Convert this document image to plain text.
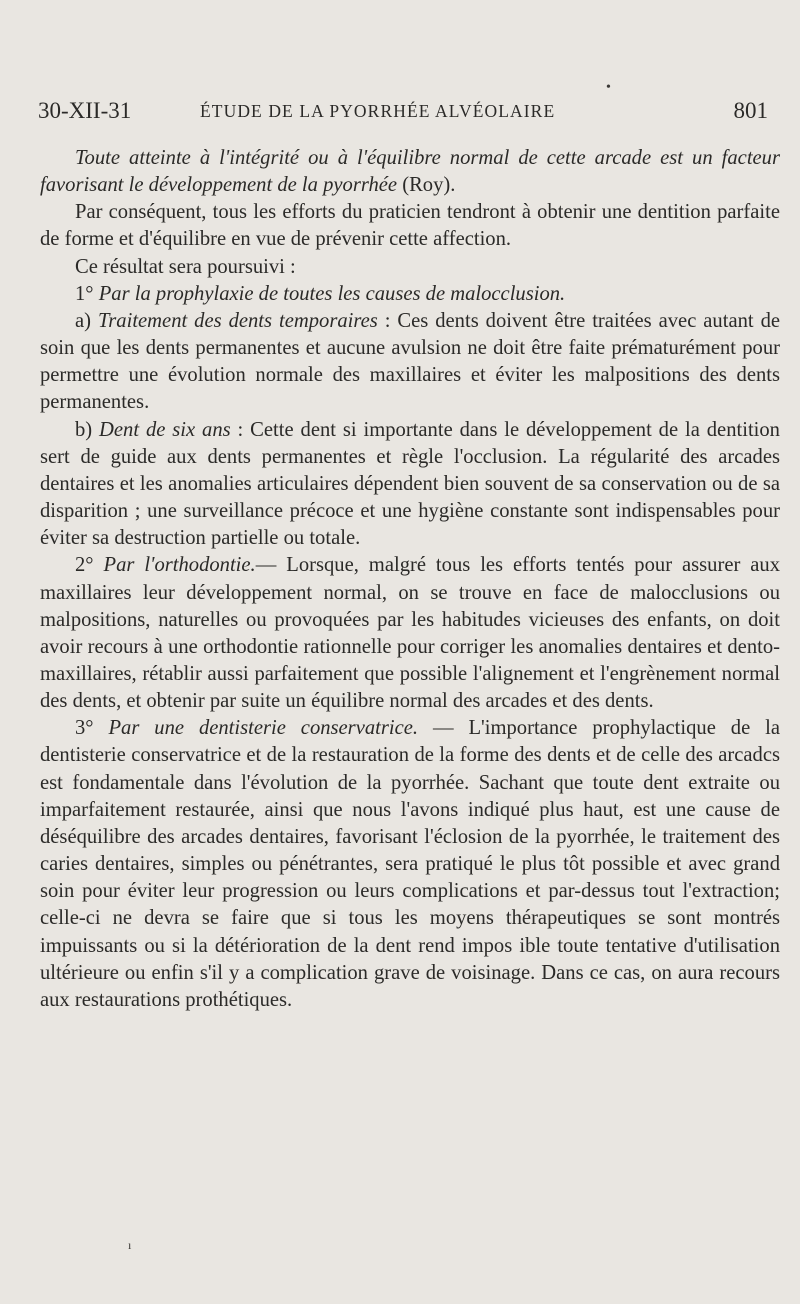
•
ı
30-XII-31	ÉTUDE DE LA PYORRHÉE ALVÉOLAIRE	801

Toute atteinte à l'intégrité ou à l'équilibre normal de cette arcade est un facteur favorisant le développement de la pyorrhée (Roy).

Par conséquent, tous les efforts du praticien tendront à obtenir une dentition parfaite de forme et d'équilibre en vue de prévenir cette affection.

Ce résultat sera poursuivi :

1° Par la prophylaxie de toutes les causes de malocclusion.

a) Traitement des dents temporaires : Ces dents doivent être traitées avec autant de soin que les dents permanentes et aucune avulsion ne doit être faite prématurément pour permettre une évolution normale des maxillaires et éviter les malpositions des dents permanentes.

b) Dent de six ans : Cette dent si importante dans le développement de la dentition sert de guide aux dents permanentes et règle l'occlusion. La régularité des arcades dentaires et les anomalies articulaires dépendent bien souvent de sa conservation ou de sa disparition ; une surveillance précoce et une hygiène constante sont indispensables pour éviter sa destruction partielle ou totale.

2° Par l'orthodontie.— Lorsque, malgré tous les efforts tentés pour assurer aux maxillaires leur développement normal, on se trouve en face de malocclusions ou malpositions, naturelles ou provoquées par les habitudes vicieuses des enfants, on doit avoir recours à une orthodontie rationnelle pour corriger les anomalies dentaires et dento-maxillaires, rétablir aussi parfaitement que possible l'alignement et l'engrènement normal des dents, et obtenir par suite un équilibre normal des arcades et des dents.

3° Par une dentisterie conservatrice. — L'importance prophylactique de la dentisterie conservatrice et de la restauration de la forme des dents et de celle des arcadcs est fondamentale dans l'évolution de la pyorrhée. Sachant que toute dent extraite ou imparfaitement restaurée, ainsi que nous l'avons indiqué plus haut, est une cause de déséquilibre des arcades dentaires, favorisant l'éclosion de la pyorrhée, le traitement des caries dentaires, simples ou pénétrantes, sera pratiqué le plus tôt possible et avec grand soin pour éviter leur progression ou leurs complications et par-dessus tout l'extraction; celle-ci ne devra se faire que si tous les moyens thérapeutiques se sont montrés impuissants ou si la détérioration de la dent rend impos ible toute tentative d'utilisation ultérieure ou enfin s'il y a complication grave de voisinage. Dans ce cas, on aura recours aux restaurations prothétiques.
